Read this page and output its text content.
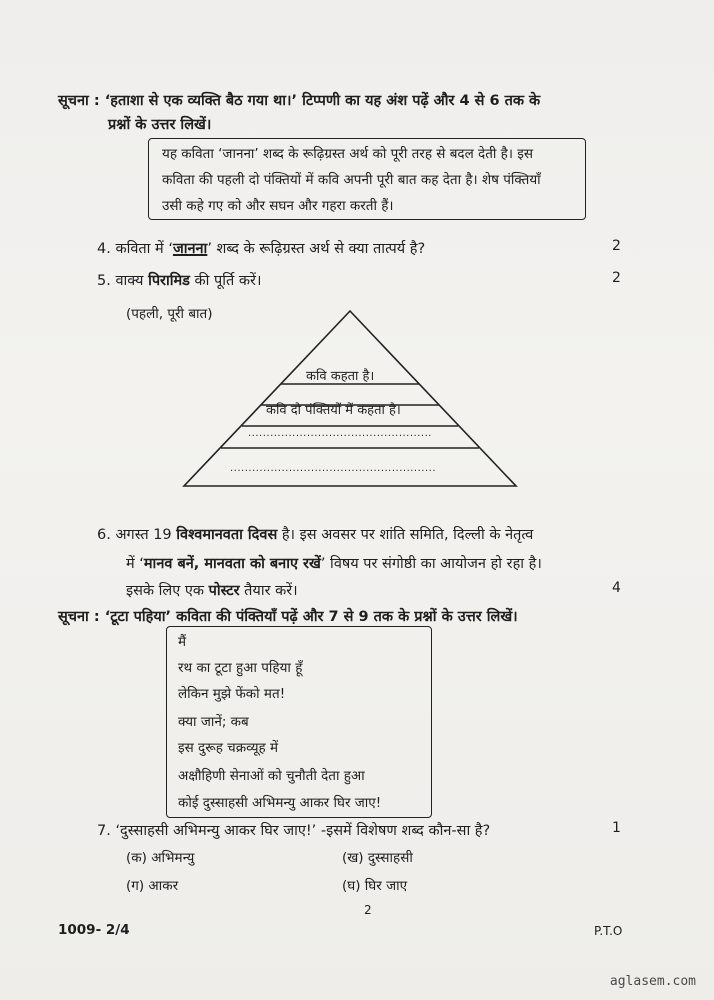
सूचना : ‘हताशा से एक व्यक्ति बैठ गया था।’ टिप्पणी का यह अंश पढ़ें और 4 से 6 तक के
प्रश्नों के उत्तर लिखें।
यह कविता ‘जानना’ शब्द के रूढ़िग्रस्त अर्थ को पूरी तरह से बदल देती है। इस
कविता की पहली दो पंक्तियों में कवि अपनी पूरी बात कह देता है। शेष पंक्तियाँ
उसी कहे गए को और सघन और गहरा करती हैं।
4. कविता में ‘जानना’ शब्द के रूढ़िग्रस्त अर्थ से क्या तात्पर्य है?	2
5. वाक्य पिरामिड की पूर्ति करें।	2
(पहली, पूरी बात)
कवि कहता है।
कवि दो पंक्तियों में कहता है।
..................................................
........................................................
6. अगस्त 19 विश्वमानवता दिवस है। इस अवसर पर शांति समिति, दिल्ली के नेतृत्व
में ‘मानव बनें, मानवता को बनाए रखें’ विषय पर संगोष्ठी का आयोजन हो रहा है।
इसके लिए एक पोस्टर तैयार करें।	4
सूचना : ‘टूटा पहिया’ कविता की पंक्तियाँ पढ़ें और 7 से 9 तक के प्रश्नों के उत्तर लिखें।
मैं
रथ का टूटा हुआ पहिया हूँ
लेकिन मुझे फेंको मत!
क्या जानें; कब
इस दुरूह चक्रव्यूह में
अक्षौहिणी सेनाओं को चुनौती देता हुआ
कोई दुस्साहसी अभिमन्यु आकर घिर जाए!
7. ‘दुस्साहसी अभिमन्यु आकर घिर जाए!’ -इसमें विशेषण शब्द कौन-सा है?	1
(क) अभिमन्यु	(ख) दुस्साहसी
(ग) आकर	(घ) घिर जाए
2
1009- 2/4	P.T.O
aglasem.com
